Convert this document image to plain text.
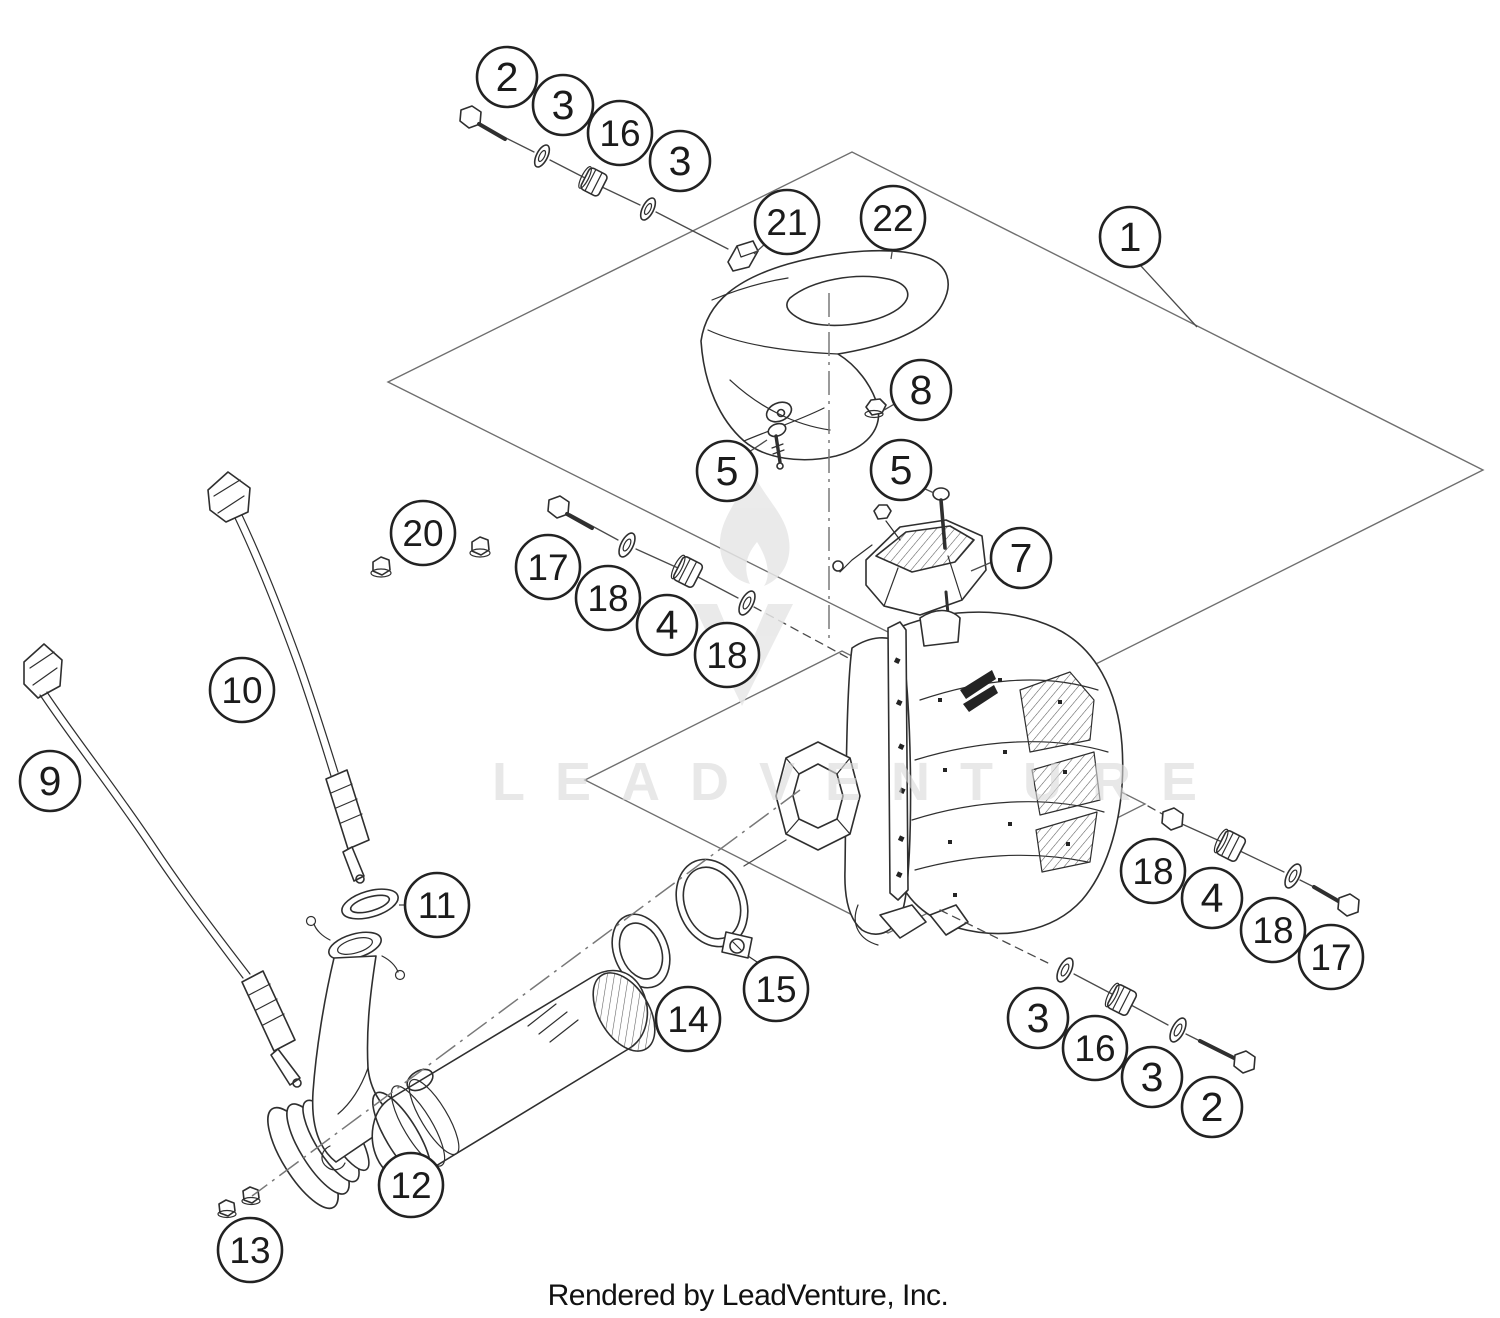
LEADVENTURE
2
3
16
3
21 22	1
8
5	5
7
20
17
18
4
18
10
9
11
15
14
12
13
18
4
18
17
3
16
3
2
Rendered by LeadVenture, Inc.
